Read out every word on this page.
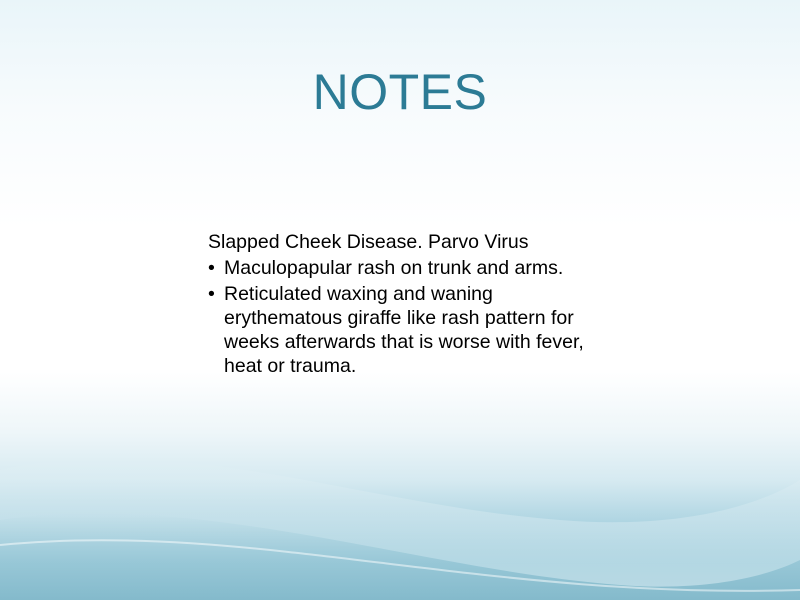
NOTES
Slapped Cheek Disease. Parvo Virus
• Maculopapular rash on trunk and arms.
• Reticulated waxing and waning erythematous giraffe like rash pattern for weeks afterwards that is worse with fever, heat or trauma.
